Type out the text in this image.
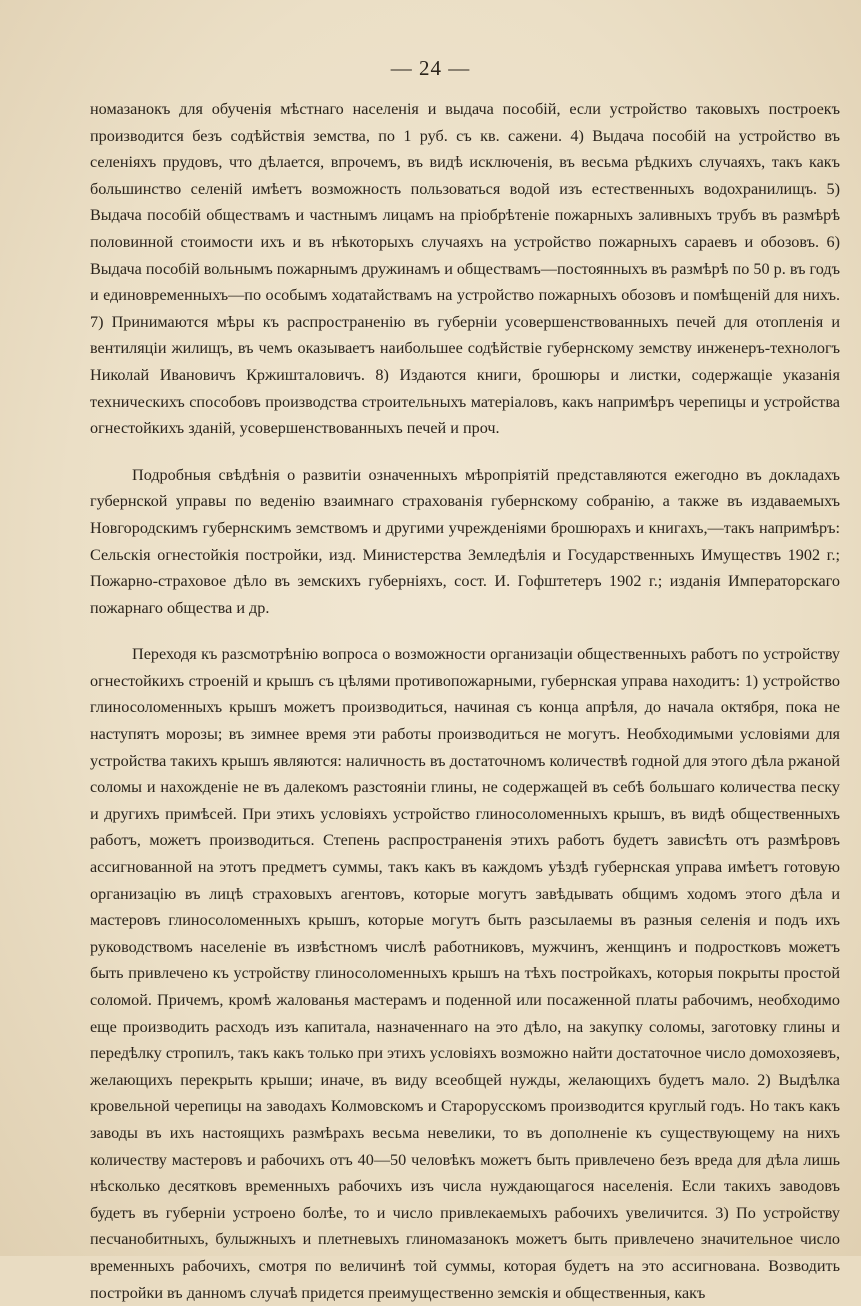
— 24 —

номазанокъ для обученія мѣстнаго населенія и выдача пособій, если устройство таковыхъ построекъ производится безъ содѣйствія земства, по 1 руб. съ кв. сажени. 4) Выдача пособій на устройство въ селеніяхъ прудовъ, что дѣлается, впрочемъ, въ видѣ исключенія, въ весьма рѣдкихъ случаяхъ, такъ какъ большинство селеній имѣетъ возможность пользоваться водой изъ естественныхъ водохранилищъ. 5) Выдача пособій обществамъ и частнымъ лицамъ на пріобрѣтеніе пожарныхъ заливныхъ трубъ въ размѣрѣ половинной стоимости ихъ и въ нѣкоторыхъ случаяхъ на устройство пожарныхъ сараевъ и обозовъ. 6) Выдача пособій вольнымъ пожарнымъ дружинамъ и обществамъ—постоянныхъ въ размѣрѣ по 50 р. въ годъ и единовременныхъ—по особымъ ходатайствамъ на устройство пожарныхъ обозовъ и помѣщеній для нихъ. 7) Принимаются мѣры къ распространенію въ губерніи усовершенствованныхъ печей для отопленія и вентиляціи жилищъ, въ чемъ оказываетъ наибольшее содѣйствіе губернскому земству инженеръ-технологъ Николай Ивановичъ Кржишталовичъ. 8) Издаются книги, брошюры и листки, содержащіе указанія техническихъ способовъ производства строительныхъ матеріаловъ, какъ напримѣръ черепицы и устройства огнестойкихъ зданій, усовершенствованныхъ печей и проч.

Подробныя свѣдѣнія о развитіи означенныхъ мѣропріятій представляются ежегодно въ докладахъ губернской управы по веденію взаимнаго страхованія губернскому собранію, а также въ издаваемыхъ Новгородскимъ губернскимъ земствомъ и другими учрежденіями брошюрахъ и книгахъ,—такъ напримѣръ: Сельскія огнестойкія постройки, изд. Министерства Земледѣлія и Государственныхъ Имуществъ 1902 г.; Пожарно-страховое дѣло въ земскихъ губерніяхъ, сост. И. Гофштетеръ 1902 г.; изданія Императорскаго пожарнаго общества и др.

Переходя къ разсмотрѣнію вопроса о возможности организаціи общественныхъ работъ по устройству огнестойкихъ строеній и крышъ съ цѣлями противопожарными, губернская управа находитъ: 1) устройство глиносоломенныхъ крышъ можетъ производиться, начиная съ конца апрѣля, до начала октября, пока не наступятъ морозы; въ зимнее время эти работы производиться не могутъ. Необходимыми условіями для устройства такихъ крышъ являются: наличность въ достаточномъ количествѣ годной для этого дѣла ржаной соломы и нахожденіе не въ далекомъ разстояніи глины, не содержащей въ себѣ большаго количества песку и другихъ примѣсей. При этихъ условіяхъ устройство глиносоломенныхъ крышъ, въ видѣ общественныхъ работъ, можетъ производиться. Степень распространенія этихъ работъ будетъ зависѣть отъ размѣровъ ассигнованной на этотъ предметъ суммы, такъ какъ въ каждомъ уѣздѣ губернская управа имѣетъ готовую организацію въ лицѣ страховыхъ агентовъ, которые могутъ завѣдывать общимъ ходомъ этого дѣла и мастеровъ глиносоломенныхъ крышъ, которые могутъ быть разсылаемы въ разныя селенія и подъ ихъ руководствомъ населеніе въ извѣстномъ числѣ работниковъ, мужчинъ, женщинъ и подростковъ можетъ быть привлечено къ устройству глиносоломенныхъ крышъ на тѣхъ постройкахъ, которыя покрыты простой соломой. Причемъ, кромѣ жалованья мастерамъ и поденной или посаженной платы рабочимъ, необходимо еще производить расходъ изъ капитала, назначеннаго на это дѣло, на закупку соломы, заготовку глины и передѣлку стропилъ, такъ какъ только при этихъ условіяхъ возможно найти достаточное число домохозяевъ, желающихъ перекрыть крыши; иначе, въ виду всеобщей нужды, желающихъ будетъ мало. 2) Выдѣлка кровельной черепицы на заводахъ Колмовскомъ и Старорусскомъ производится круглый годъ. Но такъ какъ заводы въ ихъ настоящихъ размѣрахъ весьма невелики, то въ дополненіе къ существующему на нихъ количеству мастеровъ и рабочихъ отъ 40—50 человѣкъ можетъ быть привлечено безъ вреда для дѣла лишь нѣсколько десятковъ временныхъ рабочихъ изъ числа нуждающагося населенія. Если такихъ заводовъ будетъ въ губерніи устроено болѣе, то и число привлекаемыхъ рабочихъ увеличится. 3) По устройству песчанобитныхъ, булыжныхъ и плетневыхъ глиномазанокъ можетъ быть привлечено значительное число временныхъ рабочихъ, смотря по величинѣ той суммы, которая будетъ на это ассигнована. Возводить постройки въ данномъ случаѣ придется преимущественно земскія и общественныя, какъ
